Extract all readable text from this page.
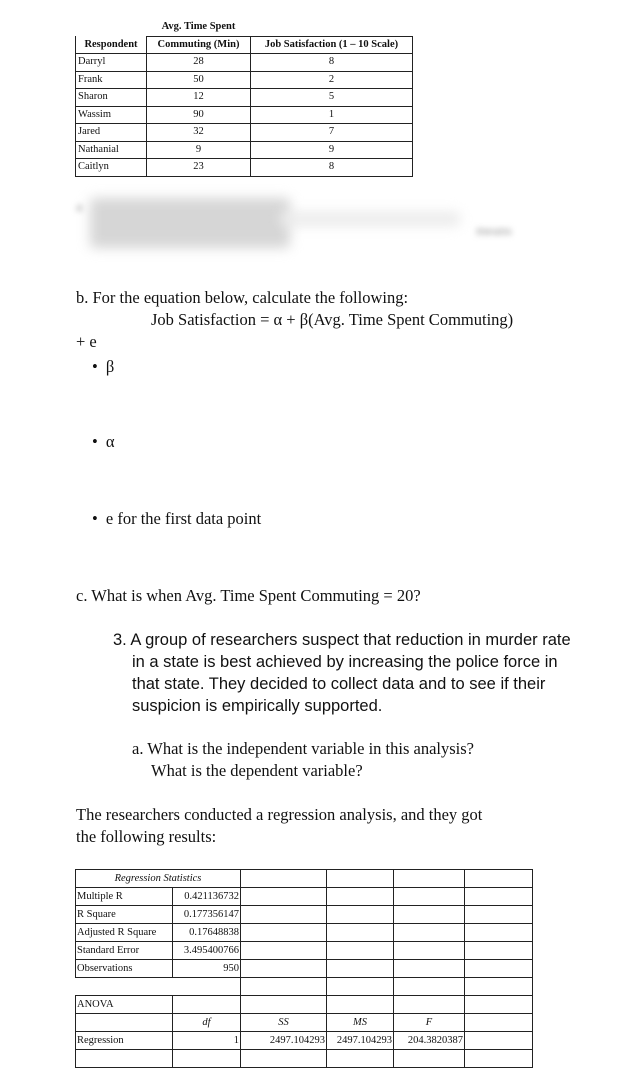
	Avg. Time Spent	
Respondent	Commuting (Min)	Job Satisfaction (1 – 10 Scale)
Darryl	28	8
Frank	50	2
Sharon	12	5
Wassim	90	1
Jared	32	7
Nathanial	9	9
Caitlyn	23	8
a
means
b. For the equation below, calculate the following:
Job Satisfaction = α + β(Avg. Time Spent Commuting)
+ e
• β
• α
• e for the first data point
c. What is when Avg. Time Spent Commuting = 20?
3. A group of researchers suspect that reduction in murder rate
in a state is best achieved by increasing the police force in
that state. They decided to collect data and to see if their
suspicion is empirically supported.
a. What is the independent variable in this analysis?
What is the dependent variable?
The researchers conducted a regression analysis, and they got
the following results:
Regression Statistics					
Multiple R	0.421136732				
R Square	0.177356147				
Adjusted R Square	0.17648838				
Standard Error	3.495400766				
Observations	950				

ANOVA					
	df	SS	MS	F	
Regression	1	2497.104293	2497.104293	204.3820387	
